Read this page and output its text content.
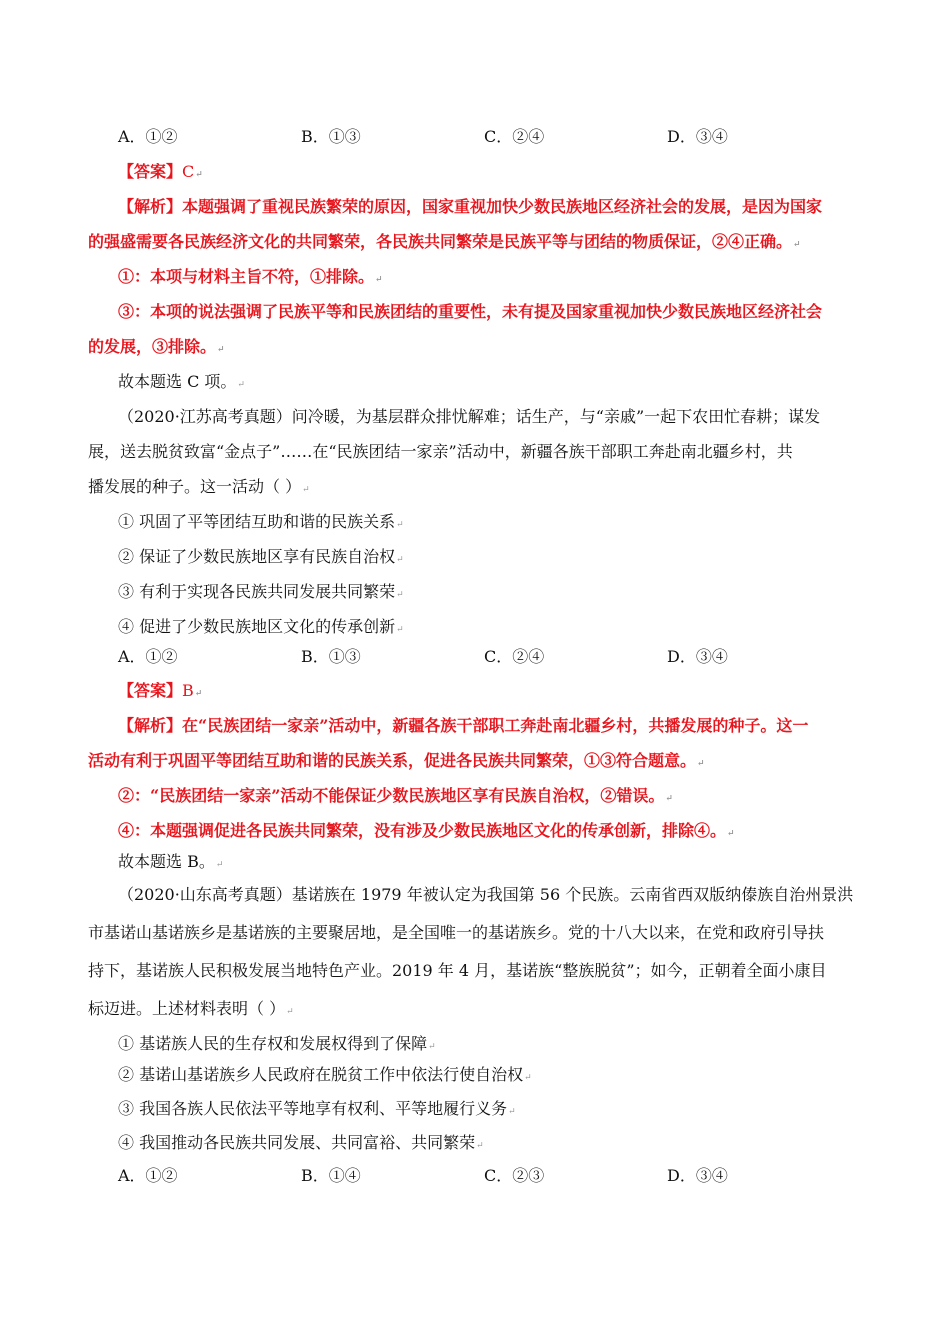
A．①②	B．①③	C．②④	D．③④
【答案】C↵
【解析】本题强调了重视民族繁荣的原因，国家重视加快少数民族地区经济社会的发展，是因为国家
的强盛需要各民族经济文化的共同繁荣，各民族共同繁荣是民族平等与团结的物质保证，②④正确。↵
①：本项与材料主旨不符，①排除。↵
③：本项的说法强调了民族平等和民族团结的重要性，未有提及国家重视加快少数民族地区经济社会
的发展，③排除。↵
故本题选 C 项。↵
（2020·江苏高考真题）问冷暖，为基层群众排忧解难；话生产，与“亲戚”一起下农田忙春耕；谋发
展，送去脱贫致富“金点子”……在“民族团结一家亲”活动中，新疆各族干部职工奔赴南北疆乡村，共
播发展的种子。这一活动（ ）↵
① 巩固了平等团结互助和谐的民族关系↵
② 保证了少数民族地区享有民族自治权↵
③ 有利于实现各民族共同发展共同繁荣↵
④ 促进了少数民族地区文化的传承创新↵
A．①②	B．①③	C．②④	D．③④
【答案】B↵
【解析】在“民族团结一家亲”活动中，新疆各族干部职工奔赴南北疆乡村，共播发展的种子。这一
活动有利于巩固平等团结互助和谐的民族关系，促进各民族共同繁荣，①③符合题意。↵
②：“民族团结一家亲”活动不能保证少数民族地区享有民族自治权，②错误。↵
④：本题强调促进各民族共同繁荣，没有涉及少数民族地区文化的传承创新，排除④。↵
故本题选 B。↵
（2020·山东高考真题）基诺族在 1979 年被认定为我国第 56 个民族。云南省西双版纳傣族自治州景洪
市基诺山基诺族乡是基诺族的主要聚居地，是全国唯一的基诺族乡。党的十八大以来，在党和政府引导扶
持下，基诺族人民积极发展当地特色产业。2019 年 4 月，基诺族“整族脱贫”；如今，正朝着全面小康目
标迈进。上述材料表明（ ）↵
① 基诺族人民的生存权和发展权得到了保障↵
② 基诺山基诺族乡人民政府在脱贫工作中依法行使自治权↵
③ 我国各族人民依法平等地享有权利、平等地履行义务↵
④ 我国推动各民族共同发展、共同富裕、共同繁荣↵
A．①②	B．①④	C．②③	D．③④
